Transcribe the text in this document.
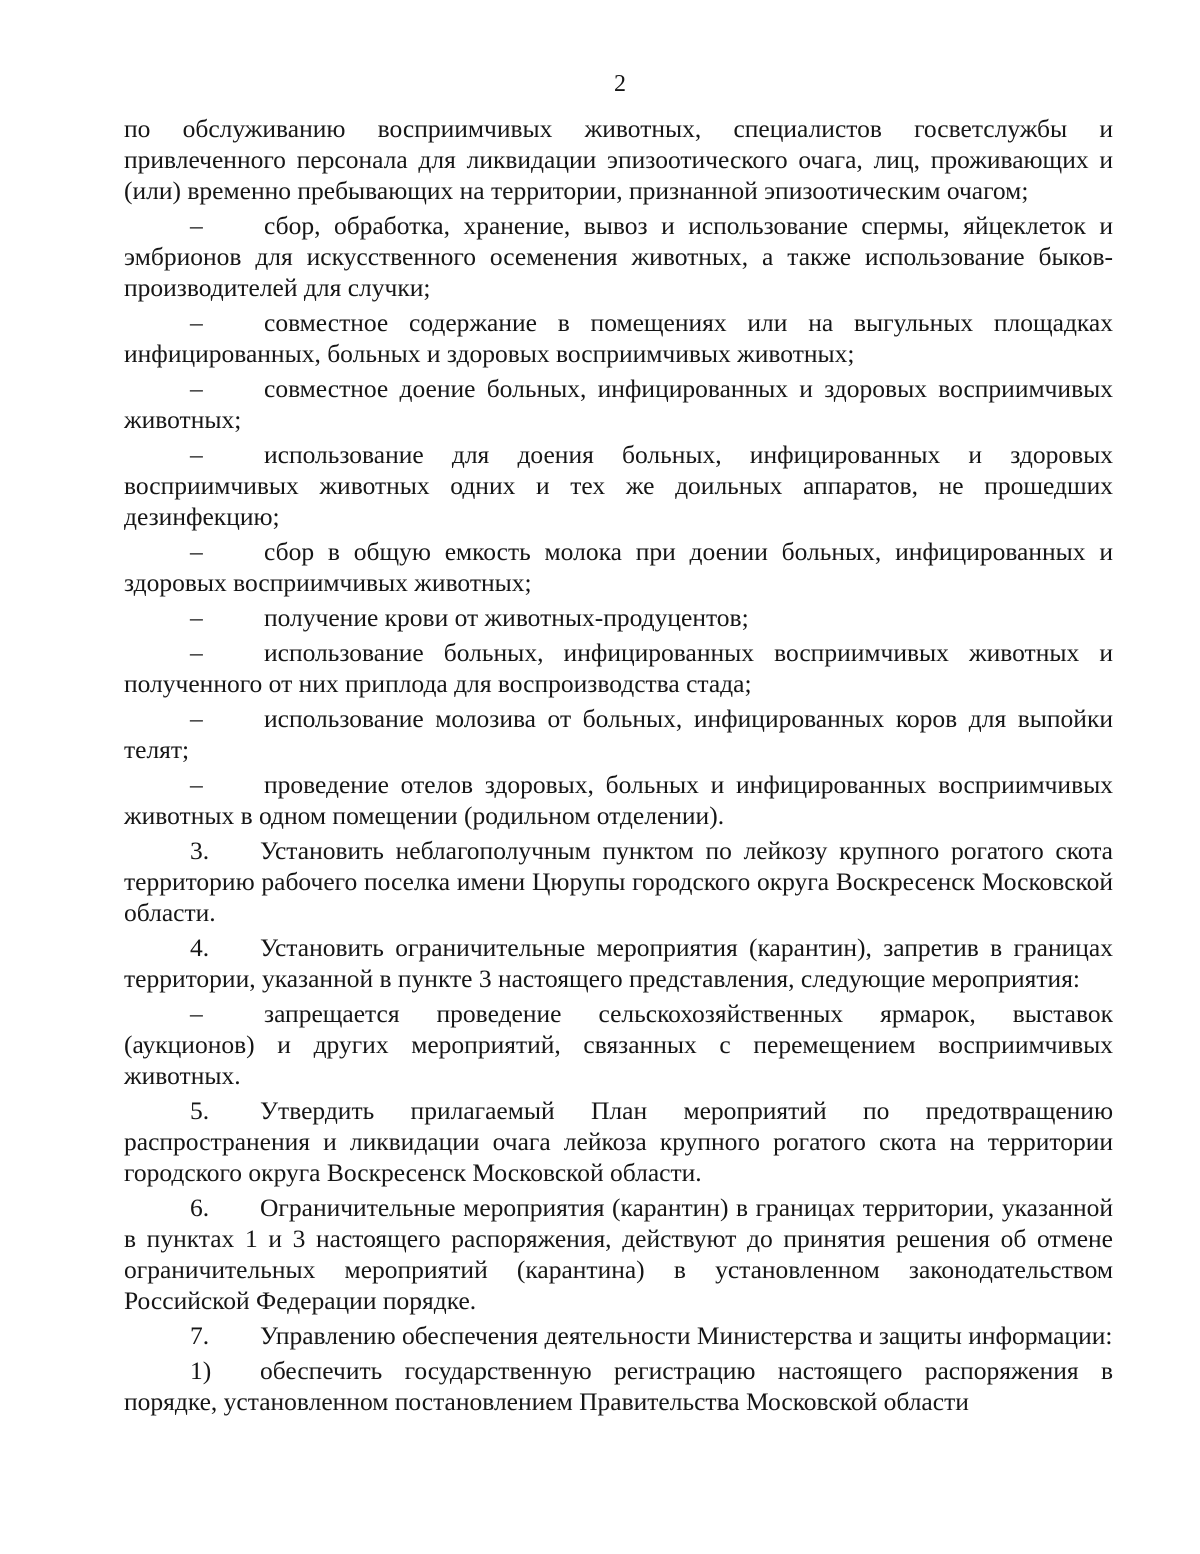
2

по обслуживанию восприимчивых животных, специалистов госветслужбы и привлеченного персонала для ликвидации эпизоотического очага, лиц, проживающих и (или) временно пребывающих на территории, признанной эпизоотическим очагом;

– сбор, обработка, хранение, вывоз и использование спермы, яйцеклеток и эмбрионов для искусственного осеменения животных, а также использование быков-производителей для случки;

– совместное содержание в помещениях или на выгульных площадках инфицированных, больных и здоровых восприимчивых животных;

– совместное доение больных, инфицированных и здоровых восприимчивых животных;

– использование для доения больных, инфицированных и здоровых восприимчивых животных одних и тех же доильных аппаратов, не прошедших дезинфекцию;

– сбор в общую емкость молока при доении больных, инфицированных и здоровых восприимчивых животных;

– получение крови от животных-продуцентов;

– использование больных, инфицированных восприимчивых животных и полученного от них приплода для воспроизводства стада;

– использование молозива от больных, инфицированных коров для выпойки телят;

– проведение отелов здоровых, больных и инфицированных восприимчивых животных в одном помещении (родильном отделении).

3. Установить неблагополучным пунктом по лейкозу крупного рогатого скота территорию рабочего поселка имени Цюрупы городского округа Воскресенск Московской области.

4. Установить ограничительные мероприятия (карантин), запретив в границах территории, указанной в пункте 3 настоящего представления, следующие мероприятия:

– запрещается проведение сельскохозяйственных ярмарок, выставок (аукционов) и других мероприятий, связанных с перемещением восприимчивых животных.

5. Утвердить прилагаемый План мероприятий по предотвращению распространения и ликвидации очага лейкоза крупного рогатого скота на территории городского округа Воскресенск Московской области.

6. Ограничительные мероприятия (карантин) в границах территории, указанной в пунктах 1 и 3 настоящего распоряжения, действуют до принятия решения об отмене ограничительных мероприятий (карантина) в установленном законодательством Российской Федерации порядке.

7. Управлению обеспечения деятельности Министерства и защиты информации:

1) обеспечить государственную регистрацию настоящего распоряжения в порядке, установленном постановлением Правительства Московской области
